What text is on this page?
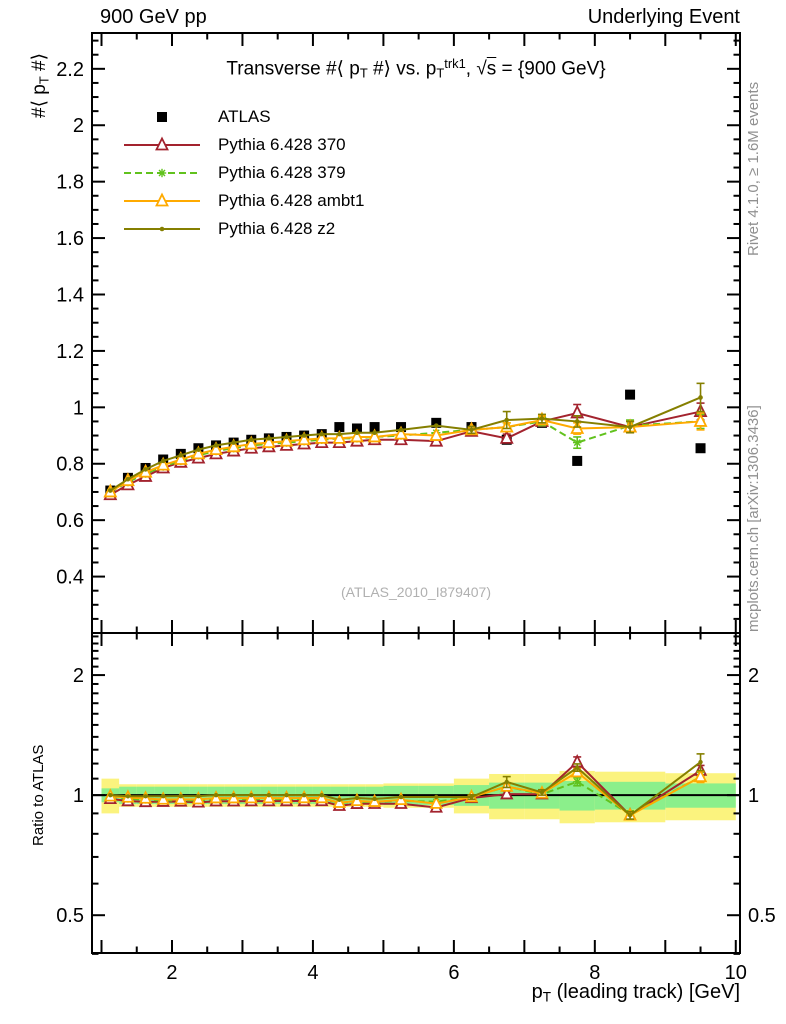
0.4
0.6
0.8
1
1.2
1.4
1.6
1.8
2
2.2
0.5	0.5
1	1
2	2
2	4	6	8	10
900 GeV pp	Underlying Event
Transverse #⟨ pT #⟩ vs. $pT^{trk1}$, √s = {900 GeV}
#⟨ pT #⟩
Ratio to ATLAS
pT (leading track) [GeV]
Rivet 4.1.0, ≥ 1.6M events
mcplots.cern.ch [arXiv:1306.3436]
(ATLAS_2010_I879407)
ATLAS
Pythia 6.428 370
Pythia 6.428 379
Pythia 6.428 ambt1
Pythia 6.428 z2
